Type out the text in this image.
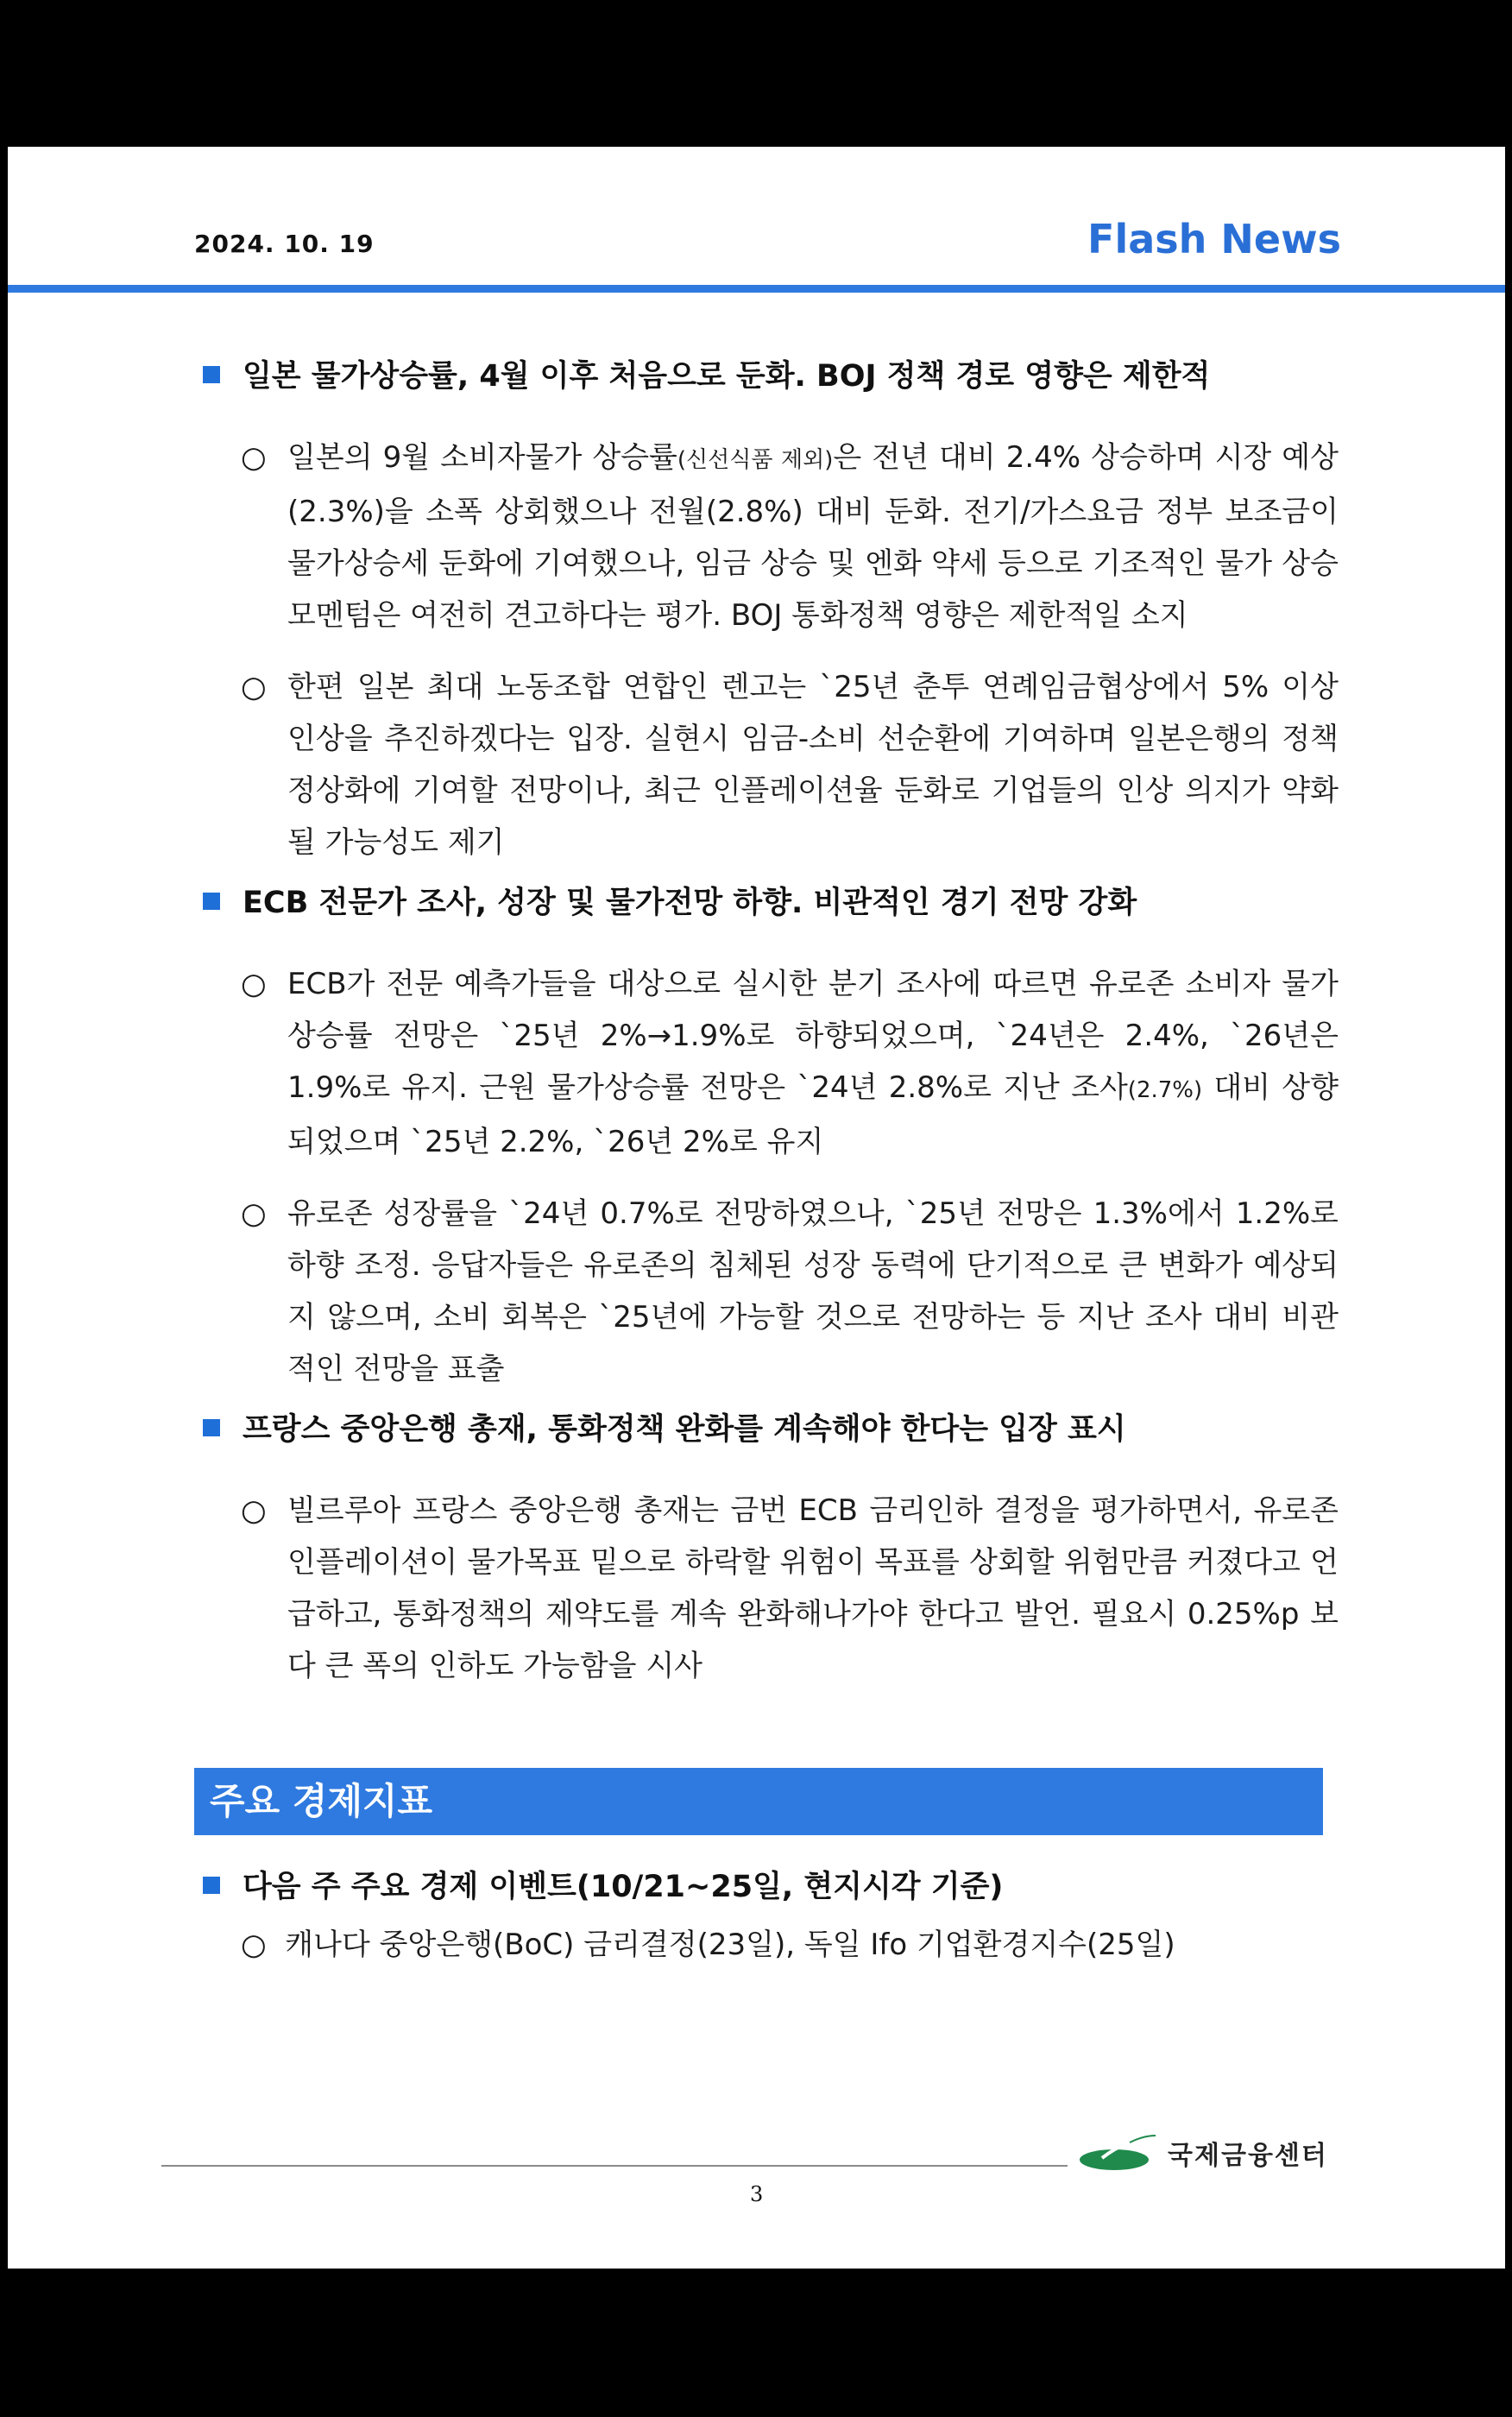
2024. 10. 19	Flash News
일본 물가상승률, 4월 이후 처음으로 둔화. BOJ 정책 경로 영향은 제한적
○ 일본의 9월 소비자물가 상승률(신선식품 제외)은 전년 대비 2.4% 상승하며 시장 예상(2.3%)을 소폭 상회했으나 전월(2.8%) 대비 둔화. 전기/가스요금 정부 보조금이 물가상승세 둔화에 기여했으나, 임금 상승 및 엔화 약세 등으로 기조적인 물가 상승 모멘텀은 여전히 견고하다는 평가. BOJ 통화정책 영향은 제한적일 소지
○ 한편 일본 최대 노동조합 연합인 렌고는 `25년 춘투 연례임금협상에서 5% 이상 인상을 추진하겠다는 입장. 실현시 임금-소비 선순환에 기여하며 일본은행의 정책 정상화에 기여할 전망이나, 최근 인플레이션율 둔화로 기업들의 인상 의지가 약화될 가능성도 제기
ECB 전문가 조사, 성장 및 물가전망 하향. 비관적인 경기 전망 강화
○ ECB가 전문 예측가들을 대상으로 실시한 분기 조사에 따르면 유로존 소비자 물가상승률 전망은 `25년 2%→1.9%로 하향되었으며, `24년은 2.4%, `26년은 1.9%로 유지. 근원 물가상승률 전망은 `24년 2.8%로 지난 조사(2.7%) 대비 상향되었으며 `25년 2.2%, `26년 2%로 유지
○ 유로존 성장률을 `24년 0.7%로 전망하였으나, `25년 전망은 1.3%에서 1.2%로 하향 조정. 응답자들은 유로존의 침체된 성장 동력에 단기적으로 큰 변화가 예상되지 않으며, 소비 회복은 `25년에 가능할 것으로 전망하는 등 지난 조사 대비 비관적인 전망을 표출
프랑스 중앙은행 총재, 통화정책 완화를 계속해야 한다는 입장 표시
○ 빌르루아 프랑스 중앙은행 총재는 금번 ECB 금리인하 결정을 평가하면서, 유로존 인플레이션이 물가목표 밑으로 하락할 위험이 목표를 상회할 위험만큼 커졌다고 언급하고, 통화정책의 제약도를 계속 완화해나가야 한다고 발언. 필요시 0.25%p 보다 큰 폭의 인하도 가능함을 시사
주요 경제지표
다음 주 주요 경제 이벤트(10/21~25일, 현지시각 기준)
○ 캐나다 중앙은행(BoC) 금리결정(23일), 독일 Ifo 기업환경지수(25일)
국제금융센터
3
